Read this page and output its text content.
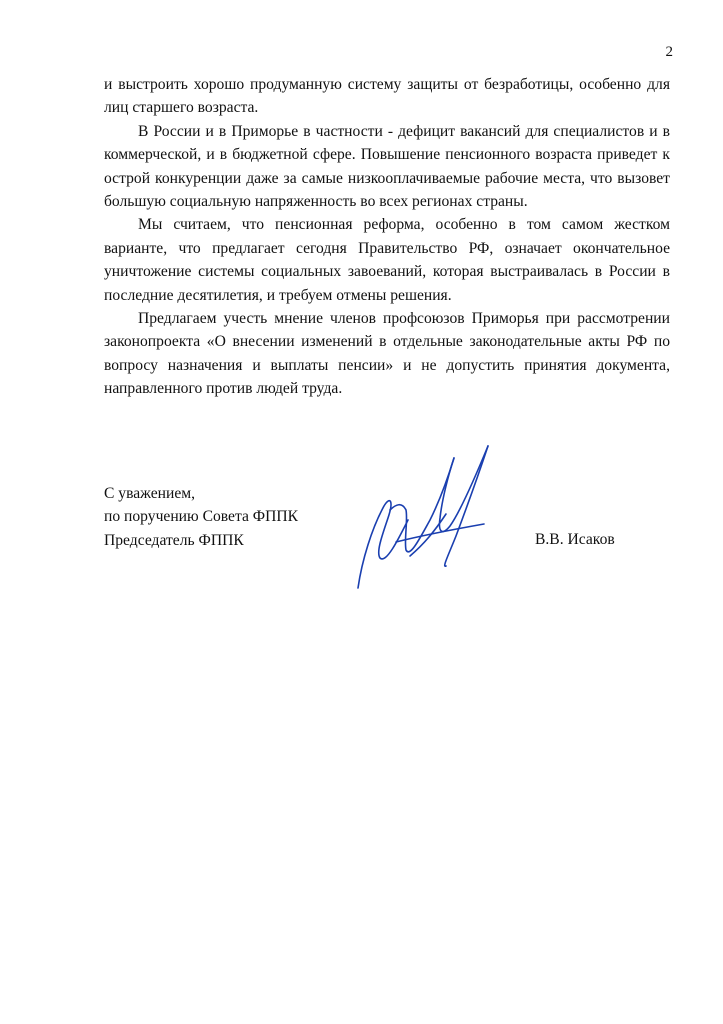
2

и выстроить хорошо продуманную систему защиты от безработицы, особенно для лиц старшего возраста.

В России и в Приморье в частности - дефицит вакансий для специалистов и в коммерческой, и в бюджетной сфере. Повышение пенсионного возраста приведет к острой конкуренции даже за самые низкооплачиваемые рабочие места, что вызовет большую социальную напряженность во всех регионах страны.

Мы считаем, что пенсионная реформа, особенно в том самом жестком варианте, что предлагает сегодня Правительство РФ, означает окончательное уничтожение системы социальных завоеваний, которая выстраивалась в России в последние десятилетия, и требуем отмены решения.

Предлагаем учесть мнение членов профсоюзов Приморья при рассмотрении законопроекта «О внесении изменений в отдельные законодательные акты РФ по вопросу назначения и выплаты пенсии» и не допустить принятия документа, направленного против людей труда.

С уважением,
по поручению Совета ФППК
Председатель ФППК	В.В. Исаков
